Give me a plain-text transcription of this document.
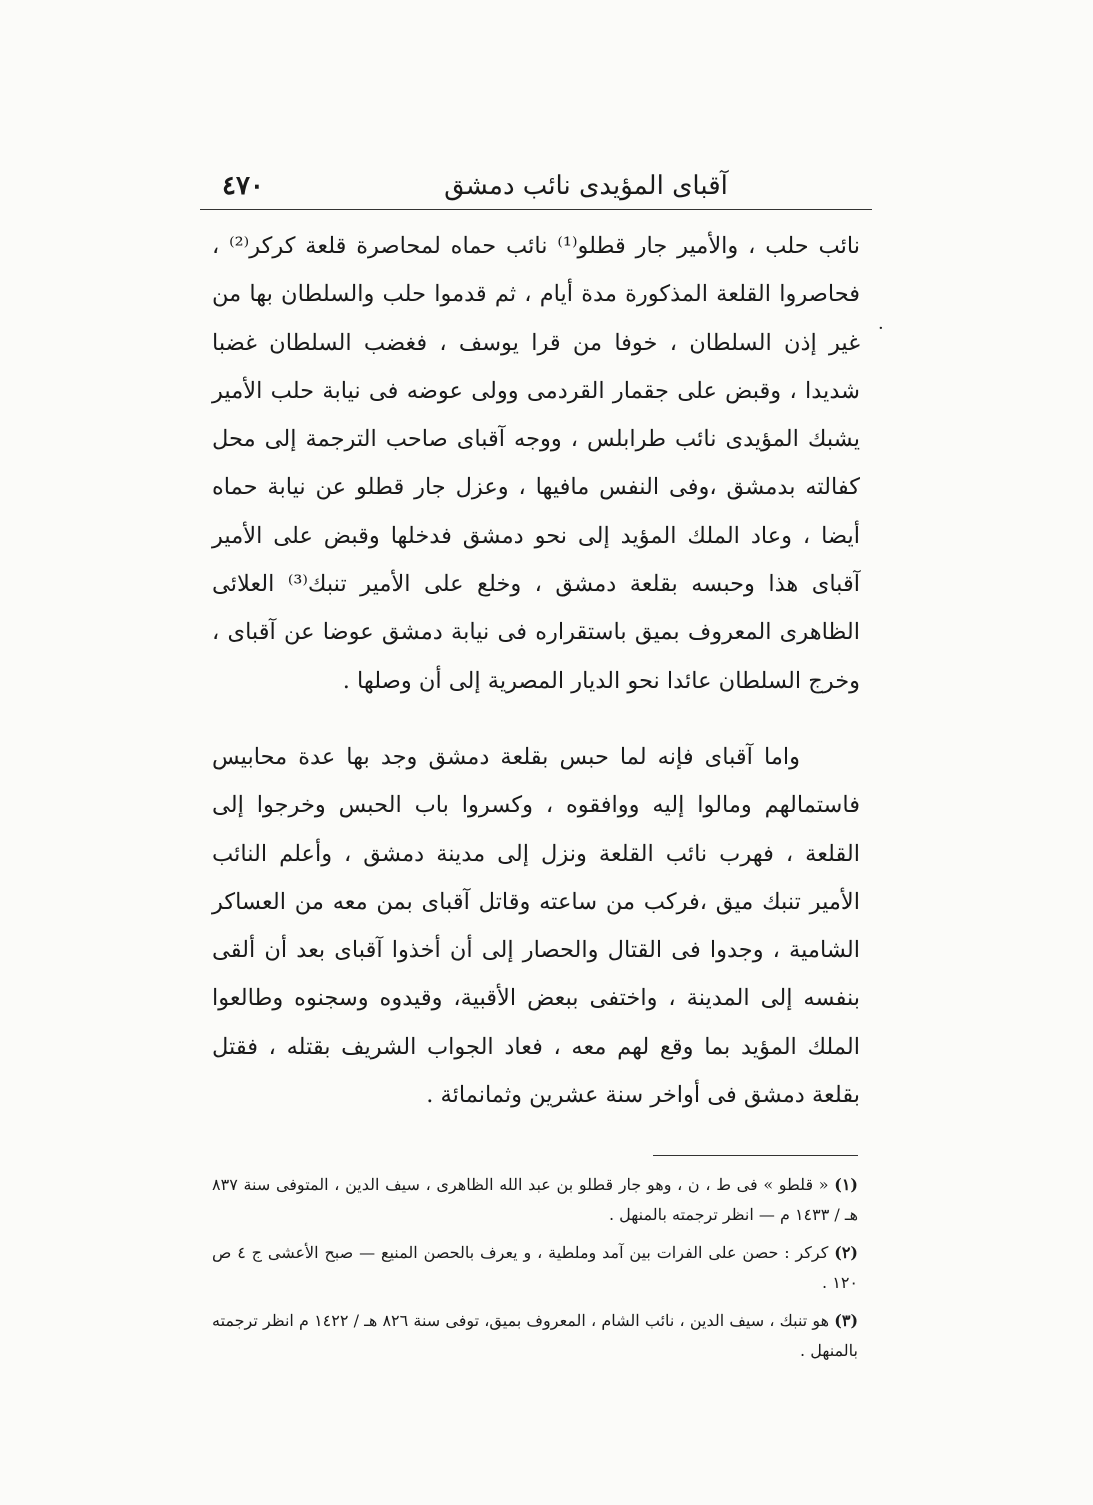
آقباى المؤيدى نائب دمشق
٤٧٠

نائب حلب ، والأمير جار قطلو⁽¹⁾ نائب حماه لمحاصرة قلعة كركر⁽²⁾ ، فحاصروا القلعة المذكورة مدة أيام ، ثم قدموا حلب والسلطان بها من غير إذن السلطان ، خوفا من قرا يوسف ، فغضب السلطان غضبا شديدا ، وقبض على جقمار القردمى وولى عوضه فى نيابة حلب الأمير يشبك المؤيدى نائب طرابلس ، ووجه آقباى صاحب الترجمة إلى محل كفالته بدمشق ،وفى النفس مافيها ، وعزل جار قطلو عن نيابة حماه أيضا ، وعاد الملك المؤيد إلى نحو دمشق فدخلها وقبض على الأمير آقباى هذا وحبسه بقلعة دمشق ، وخلع على الأمير تنبك⁽³⁾ العلائى الظاهرى المعروف بميق باستقراره فى نيابة دمشق عوضا عن آقباى ، وخرج السلطان عائدا نحو الديار المصرية إلى أن وصلها .

واما آقباى فإنه لما حبس بقلعة دمشق وجد بها عدة محابيس فاستمالهم ومالوا إليه ووافقوه ، وكسروا باب الحبس وخرجوا إلى القلعة ، فهرب نائب القلعة ونزل إلى مدينة دمشق ، وأعلم النائب الأمير تنبك ميق ،فركب من ساعته وقاتل آقباى بمن معه من العساكر الشامية ، وجدوا فى القتال والحصار إلى أن أخذوا آقباى بعد أن ألقى بنفسه إلى المدينة ، واختفى ببعض الأقبية، وقيدوه وسجنوه وطالعوا الملك المؤيد بما وقع لهم معه ، فعاد الجواب الشريف بقتله ، فقتل بقلعة دمشق فى أواخر سنة عشرين وثمانمائة .

(١) « قلطو » فى ط ، ن ، وهو جار قطلو بن عبد الله الظاهرى ، سيف الدين ، المتوفى سنة ٨٣٧ هـ / ١٤٣٣ م — انظر ترجمته بالمنهل .
(٢) كركر : حصن على الفرات بين آمد وملطية ، و يعرف بالحصن المنيع — صبح الأعشى ج ٤ ص ١٢٠ .
(٣) هو تنبك ، سيف الدين ، نائب الشام ، المعروف بميق، توفى سنة ٨٢٦ هـ / ١٤٢٢ م انظر ترجمته بالمنهل .
·
